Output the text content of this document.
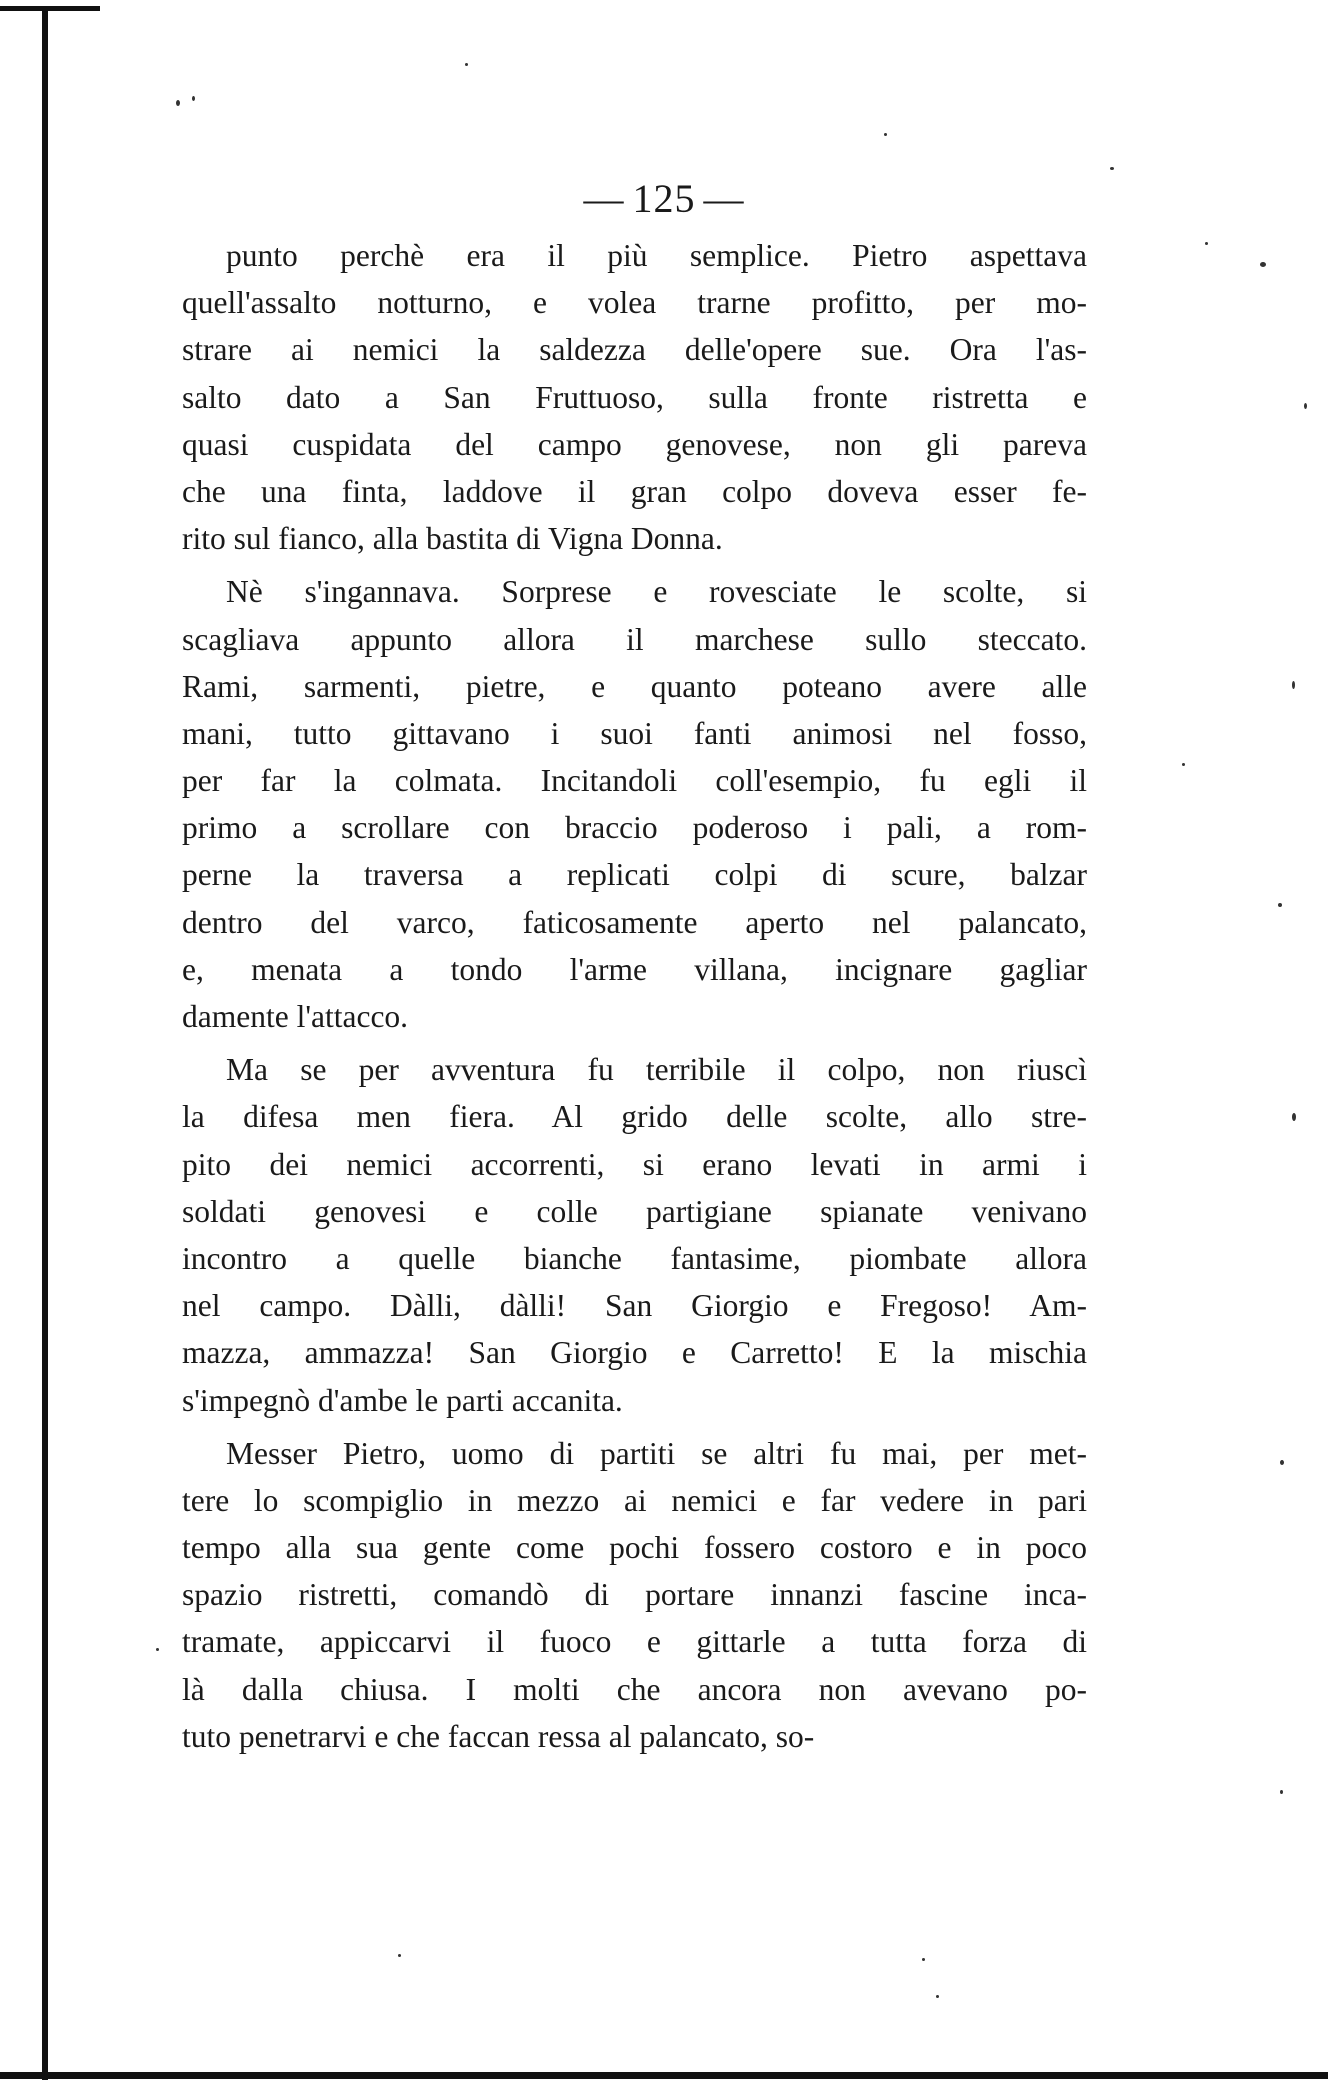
— 125 —
punto perchè era il più semplice. Pietro aspettava
quell'assalto notturno, e volea trarne profitto, per mo-
strare ai nemici la saldezza delle'opere sue. Ora l'as-
salto dato a San Fruttuoso, sulla fronte ristretta e
quasi cuspidata del campo genovese, non gli pareva
che una finta, laddove il gran colpo doveva esser fe-
rito sul fianco, alla bastita di Vigna Donna.
Nè s'ingannava. Sorprese e rovesciate le scolte, si
scagliava appunto allora il marchese sullo steccato.
Rami, sarmenti, pietre, e quanto poteano avere alle
mani, tutto gittavano i suoi fanti animosi nel fosso,
per far la colmata. Incitandoli coll'esempio, fu egli il
primo a scrollare con braccio poderoso i pali, a rom-
perne la traversa a replicati colpi di scure, balzar
dentro del varco, faticosamente aperto nel palancato,
e, menata a tondo l'arme villana, incignare gagliar
damente l'attacco.
Ma se per avventura fu terribile il colpo, non riuscì
la difesa men fiera. Al grido delle scolte, allo stre-
pito dei nemici accorrenti, si erano levati in armi i
soldati genovesi e colle partigiane spianate venivano
incontro a quelle bianche fantasime, piombate allora
nel campo. Dàlli, dàlli! San Giorgio e Fregoso! Am-
mazza, ammazza! San Giorgio e Carretto! E la mischia
s'impegnò d'ambe le parti accanita.
Messer Pietro, uomo di partiti se altri fu mai, per met-
tere lo scompiglio in mezzo ai nemici e far vedere in pari
tempo alla sua gente come pochi fossero costoro e in poco
spazio ristretti, comandò di portare innanzi fascine inca-
tramate, appiccarvi il fuoco e gittarle a tutta forza di
là dalla chiusa. I molti che ancora non avevano po-
tuto penetrarvi e che faccan ressa al palancato, so-
